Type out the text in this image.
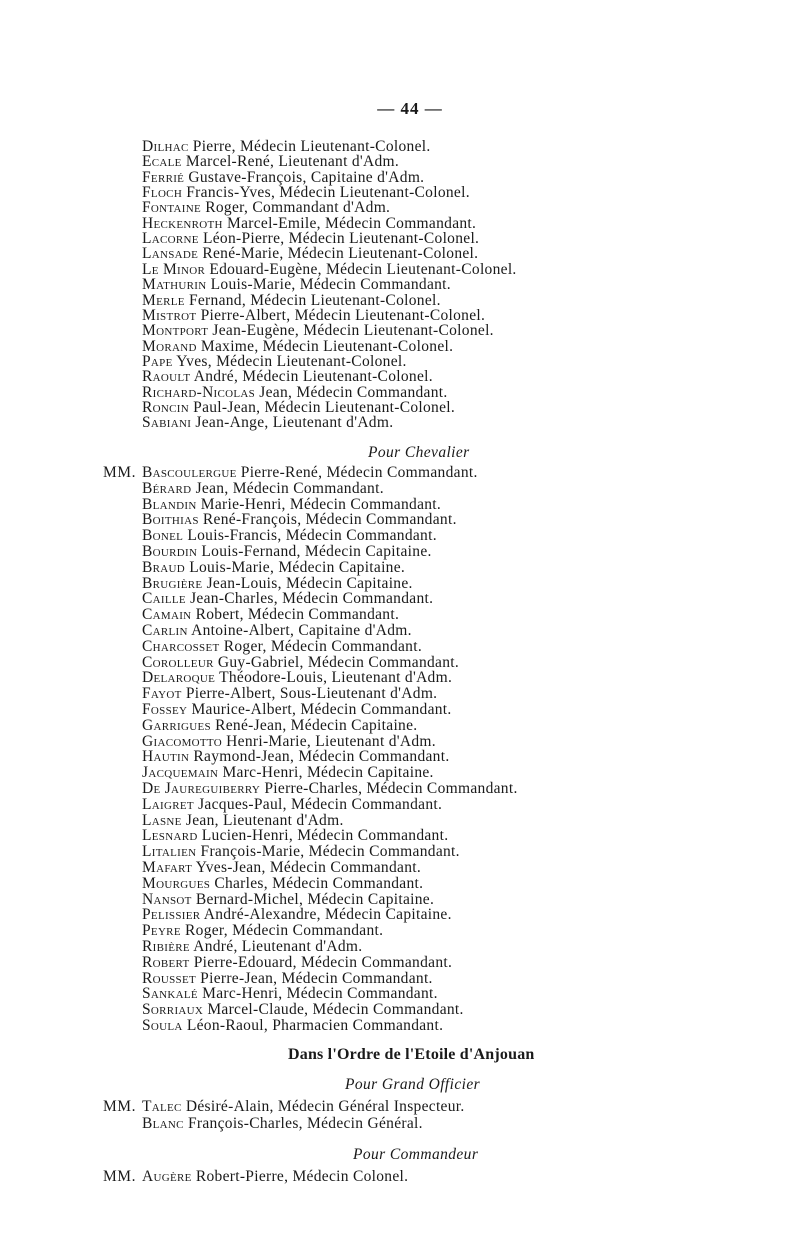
— 44 —
Dilhac Pierre, Médecin Lieutenant-Colonel.
Ecale Marcel-René, Lieutenant d'Adm.
Ferrié Gustave-François, Capitaine d'Adm.
Floch Francis-Yves, Médecin Lieutenant-Colonel.
Fontaine Roger, Commandant d'Adm.
Heckenroth Marcel-Emile, Médecin Commandant.
Lacorne Léon-Pierre, Médecin Lieutenant-Colonel.
Lansade René-Marie, Médecin Lieutenant-Colonel.
Le Minor Edouard-Eugène, Médecin Lieutenant-Colonel.
Mathurin Louis-Marie, Médecin Commandant.
Merle Fernand, Médecin Lieutenant-Colonel.
Mistrot Pierre-Albert, Médecin Lieutenant-Colonel.
Montport Jean-Eugène, Médecin Lieutenant-Colonel.
Morand Maxime, Médecin Lieutenant-Colonel.
Pape Yves, Médecin Lieutenant-Colonel.
Raoult André, Médecin Lieutenant-Colonel.
Richard-Nicolas Jean, Médecin Commandant.
Roncin Paul-Jean, Médecin Lieutenant-Colonel.
Sabiani Jean-Ange, Lieutenant d'Adm.
Pour Chevalier
MM. Bascoulergue Pierre-René, Médecin Commandant.
Bérard Jean, Médecin Commandant.
Blandin Marie-Henri, Médecin Commandant.
Boithias René-François, Médecin Commandant.
Bonel Louis-Francis, Médecin Commandant.
Bourdin Louis-Fernand, Médecin Capitaine.
Braud Louis-Marie, Médecin Capitaine.
Brugière Jean-Louis, Médecin Capitaine.
Caille Jean-Charles, Médecin Commandant.
Camain Robert, Médecin Commandant.
Carlin Antoine-Albert, Capitaine d'Adm.
Charcosset Roger, Médecin Commandant.
Corolleur Guy-Gabriel, Médecin Commandant.
Delaroque Théodore-Louis, Lieutenant d'Adm.
Fayot Pierre-Albert, Sous-Lieutenant d'Adm.
Fossey Maurice-Albert, Médecin Commandant.
Garrigues René-Jean, Médecin Capitaine.
Giacomotto Henri-Marie, Lieutenant d'Adm.
Hautin Raymond-Jean, Médecin Commandant.
Jacquemain Marc-Henri, Médecin Capitaine.
De Jaureguiberry Pierre-Charles, Médecin Commandant.
Laigret Jacques-Paul, Médecin Commandant.
Lasne Jean, Lieutenant d'Adm.
Lesnard Lucien-Henri, Médecin Commandant.
Litalien François-Marie, Médecin Commandant.
Mafart Yves-Jean, Médecin Commandant.
Mourgues Charles, Médecin Commandant.
Nansot Bernard-Michel, Médecin Capitaine.
Pelissier André-Alexandre, Médecin Capitaine.
Peyre Roger, Médecin Commandant.
Ribière André, Lieutenant d'Adm.
Robert Pierre-Edouard, Médecin Commandant.
Rousset Pierre-Jean, Médecin Commandant.
Sankalé Marc-Henri, Médecin Commandant.
Sorriaux Marcel-Claude, Médecin Commandant.
Soula Léon-Raoul, Pharmacien Commandant.
Dans l'Ordre de l'Etoile d'Anjouan
Pour Grand Officier
MM. Talec Désiré-Alain, Médecin Général Inspecteur.
Blanc François-Charles, Médecin Général.
Pour Commandeur
MM. Augère Robert-Pierre, Médecin Colonel.
